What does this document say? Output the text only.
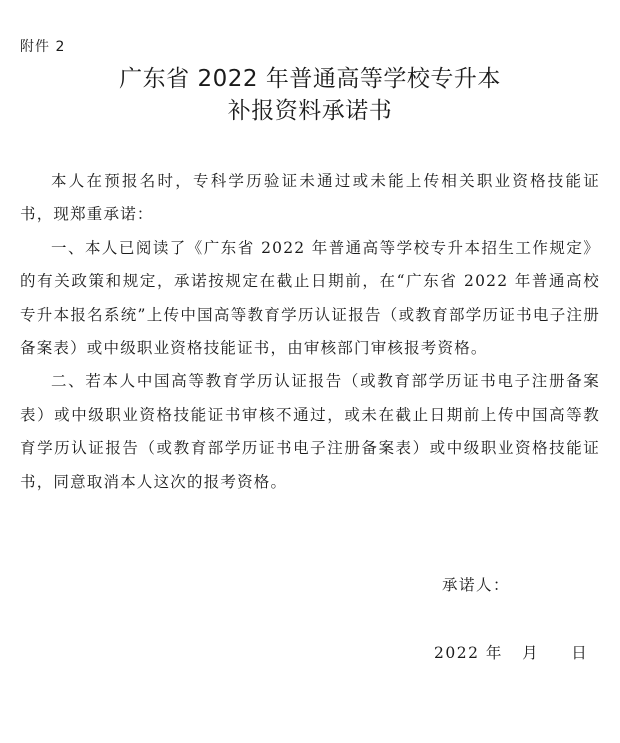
附件 2
广东省 2022 年普通高等学校专升本
补报资料承诺书

本人在预报名时，专科学历验证未通过或未能上传相关职业资格技能证书，现郑重承诺：

一、本人已阅读了《广东省 2022 年普通高等学校专升本招生工作规定》的有关政策和规定，承诺按规定在截止日期前，在“广东省 2022 年普通高校专升本报名系统”上传中国高等教育学历认证报告（或教育部学历证书电子注册备案表）或中级职业资格技能证书，由审核部门审核报考资格。

二、若本人中国高等教育学历认证报告（或教育部学历证书电子注册备案表）或中级职业资格技能证书审核不通过，或未在截止日期前上传中国高等教育学历认证报告（或教育部学历证书电子注册备案表）或中级职业资格技能证书，同意取消本人这次的报考资格。

承诺人：
2022 年   月     日
